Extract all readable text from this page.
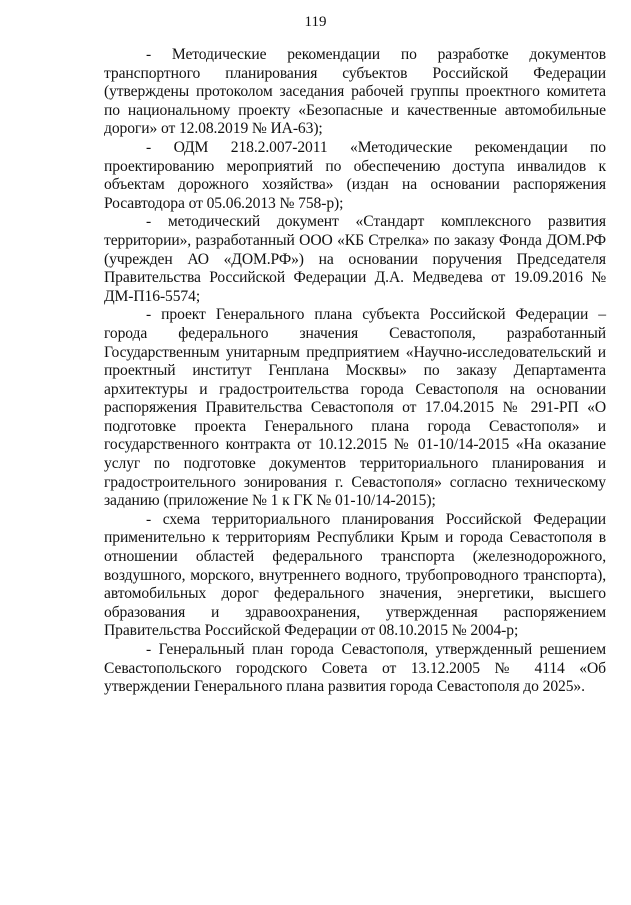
119

- Методические рекомендации по разработке документов транспортного планирования субъектов Российской Федерации (утверждены протоколом заседания рабочей группы проектного комитета по национальному проекту «Безопасные и качественные автомобильные дороги» от 12.08.2019 № ИА-63);

- ОДМ 218.2.007-2011 «Методические рекомендации по проектированию мероприятий по обеспечению доступа инвалидов к объектам дорожного хозяйства» (издан на основании распоряжения Росавтодора от 05.06.2013 № 758-р);

- методический документ «Стандарт комплексного развития территории», разработанный ООО «КБ Стрелка» по заказу Фонда ДОМ.РФ (учрежден АО «ДОМ.РФ») на основании поручения Председателя Правительства Российской Федерации Д.А. Медведева от 19.09.2016 № ДМ-П16-5574;

- проект Генерального плана субъекта Российской Федерации – города федерального значения Севастополя, разработанный Государственным унитарным предприятием «Научно-исследовательский и проектный институт Генплана Москвы» по заказу Департамента архитектуры и градостроительства города Севастополя на основании распоряжения Правительства Севастополя от 17.04.2015 № 291-РП «О подготовке проекта Генерального плана города Севастополя» и государственного контракта от 10.12.2015 № 01-10/14-2015 «На оказание услуг по подготовке документов территориального планирования и градостроительного зонирования г. Севастополя» согласно техническому заданию (приложение № 1 к ГК № 01-10/14-2015);

- схема территориального планирования Российской Федерации применительно к территориям Республики Крым и города Севастополя в отношении областей федерального транспорта (железнодорожного, воздушного, морского, внутреннего водного, трубопроводного транспорта), автомобильных дорог федерального значения, энергетики, высшего образования и здравоохранения, утвержденная распоряжением Правительства Российской Федерации от 08.10.2015 № 2004-р;

- Генеральный план города Севастополя, утвержденный решением Севастопольского городского Совета от 13.12.2005 № 4114 «Об утверждении Генерального плана развития города Севастополя до 2025».
